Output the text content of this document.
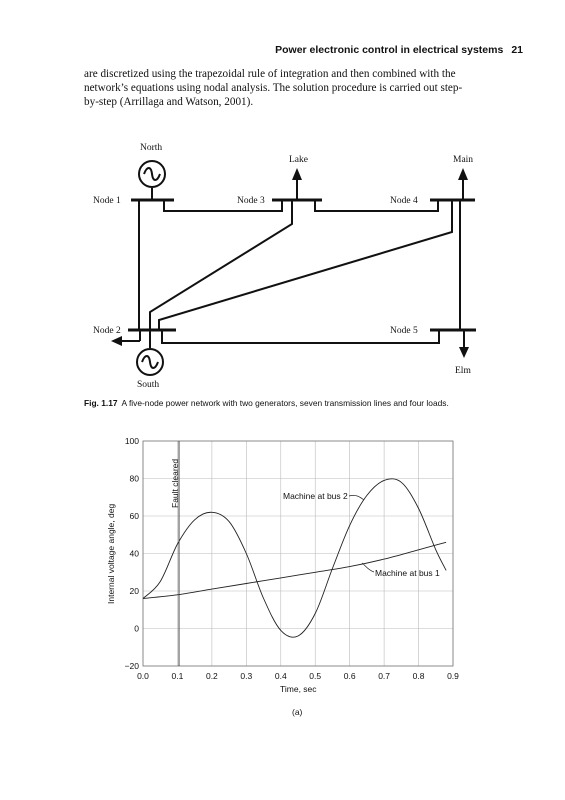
Power electronic control in electrical systems 21
are discretized using the trapezoidal rule of integration and then combined with the
network’s equations using nodal analysis. The solution procedure is carried out step-
by-step (Arrillaga and Watson, 2001).
North
South
Node 1	Node 3	Node 4
Node 2	Node 5
Lake	Main
Elm
Fig. 1.17 A five-node power network with two generators, seven transmission lines and four loads.
0.0	0.1	0.2	0.3	0.4	0.5	0.6	0.7	0.8	0.9
100
80
60
40
20
0
−20
Fault cleared	Machine at bus 2
Machine at bus 1
Time, sec
Internal voltage angle, deg
(a)
